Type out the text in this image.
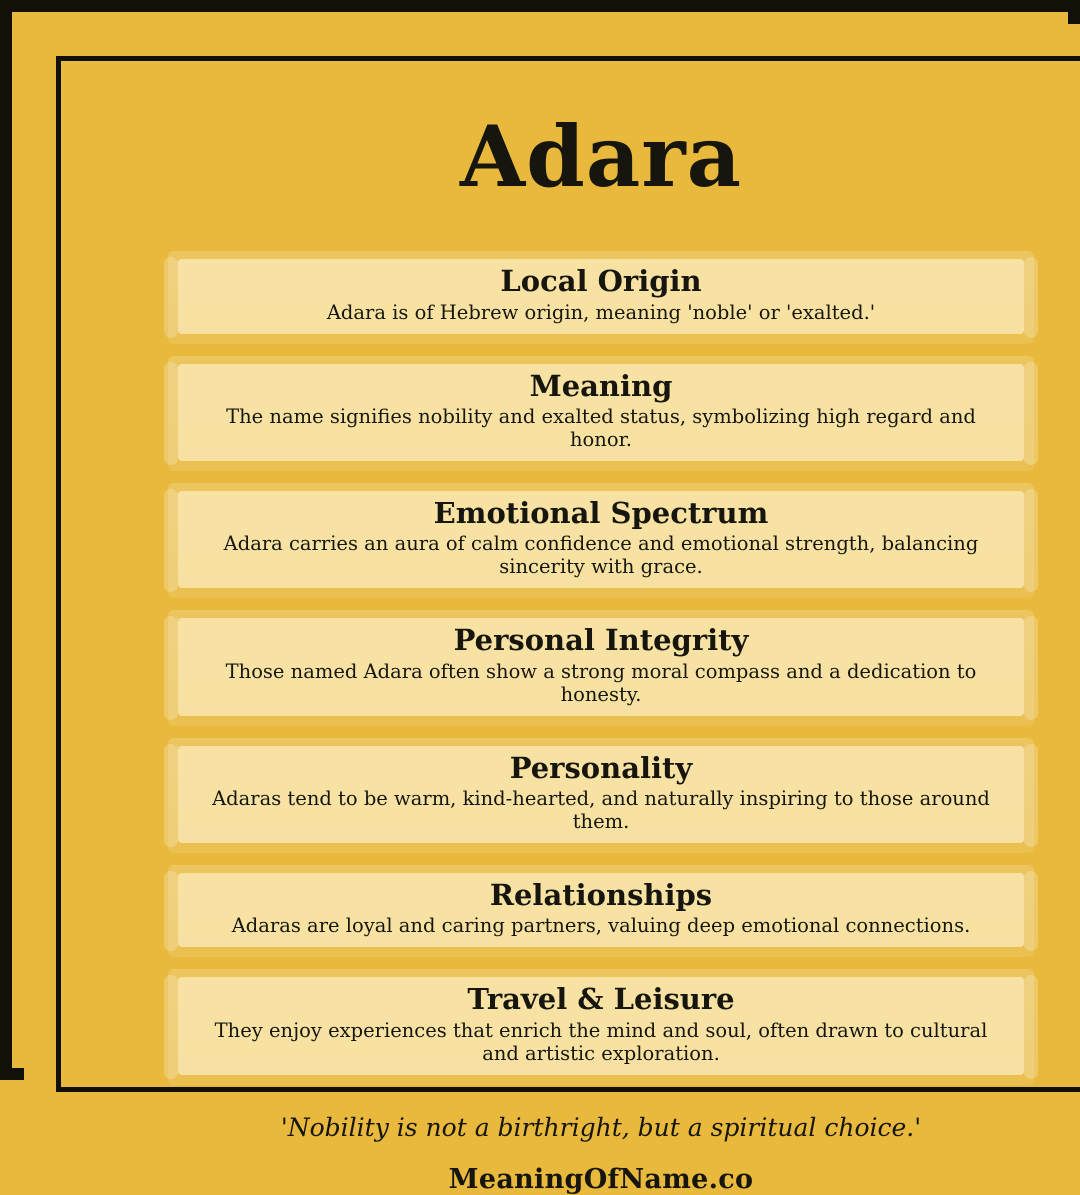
Adara
Local Origin
Adara is of Hebrew origin, meaning 'noble' or 'exalted.'
Meaning
The name signifies nobility and exalted status, symbolizing high regard and honor.
Emotional Spectrum
Adara carries an aura of calm confidence and emotional strength, balancing sincerity with grace.
Personal Integrity
Those named Adara often show a strong moral compass and a dedication to honesty.
Personality
Adaras tend to be warm, kind-hearted, and naturally inspiring to those around them.
Relationships
Adaras are loyal and caring partners, valuing deep emotional connections.
Travel & Leisure
They enjoy experiences that enrich the mind and soul, often drawn to cultural and artistic exploration.
'Nobility is not a birthright, but a spiritual choice.'
MeaningOfName.co
